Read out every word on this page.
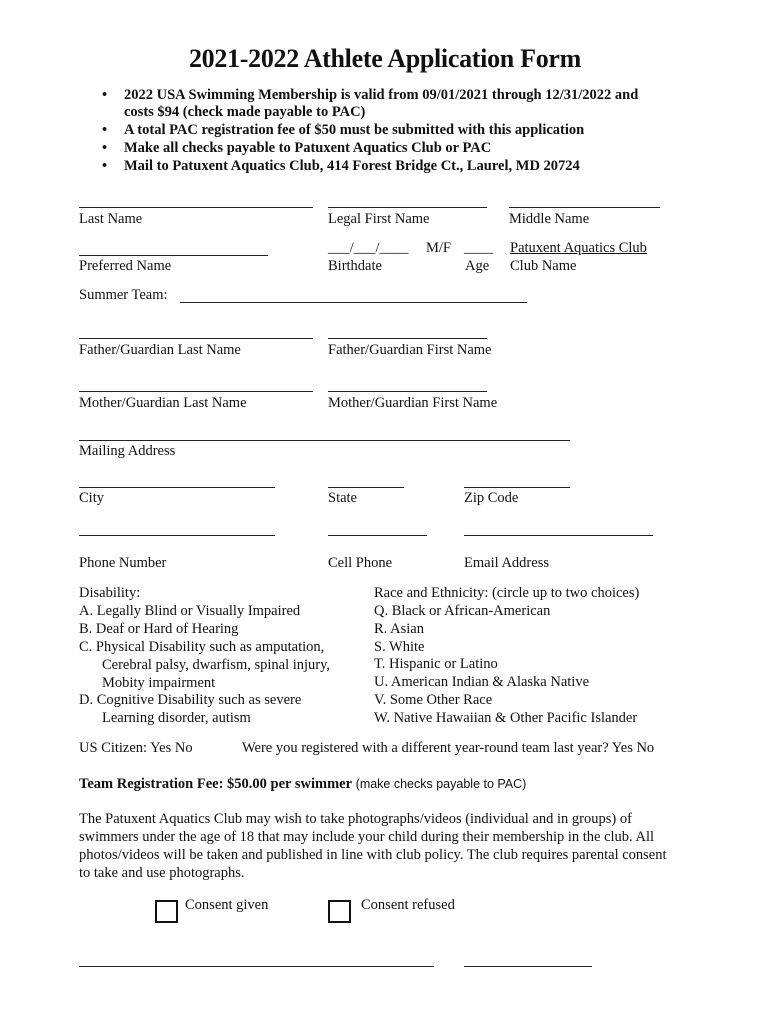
2021-2022 Athlete Application Form
• 2022 USA Swimming Membership is valid from 09/01/2021 through 12/31/2022 and
costs $94 (check made payable to PAC)
• A total PAC registration fee of $50 must be submitted with this application
• Make all checks payable to Patuxent Aquatics Club or PAC
• Mail to Patuxent Aquatics Club, 414 Forest Bridge Ct., Laurel, MD 20724
Last Name	Legal First Name	Middle Name
___/___/____ M/F ____ Patuxent Aquatics Club
Preferred Name	Birthdate	Age Club Name
Summer Team:
Father/Guardian Last Name	Father/Guardian First Name
Mother/Guardian Last Name	Mother/Guardian First Name
Mailing Address
City	State	Zip Code
Phone Number	Cell Phone	Email Address
Disability:
A. Legally Blind or Visually Impaired
B. Deaf or Hard of Hearing
C. Physical Disability such as amputation,
Cerebral palsy, dwarfism, spinal injury,
Mobity impairment
D. Cognitive Disability such as severe
Learning disorder, autism
Race and Ethnicity: (circle up to two choices)
Q. Black or African-American
R. Asian
S. White
T. Hispanic or Latino
U. American Indian & Alaska Native
V. Some Other Race
W. Native Hawaiian & Other Pacific Islander
US Citizen: Yes No	Were you registered with a different year-round team last year? Yes No
Team Registration Fee: $50.00 per swimmer (make checks payable to PAC)
The Patuxent Aquatics Club may wish to take photographs/videos (individual and in groups) of
swimmers under the age of 18 that may include your child during their membership in the club. All
photos/videos will be taken and published in line with club policy. The club requires parental consent
to take and use photographs.
Consent given	Consent refused
